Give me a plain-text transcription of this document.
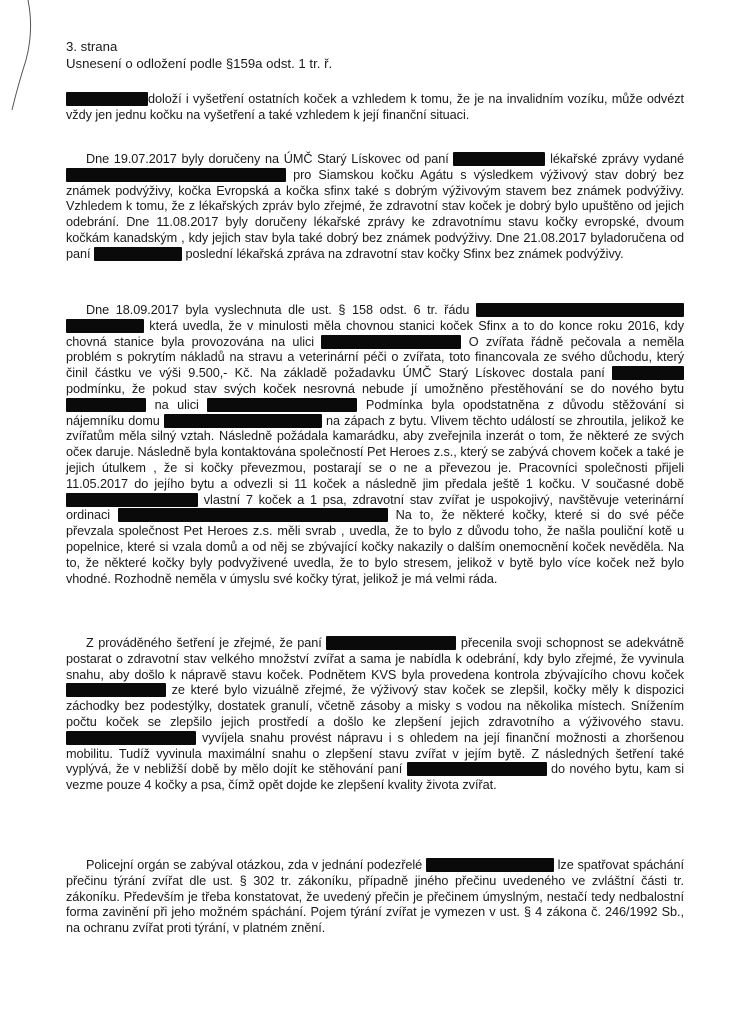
3. strana
Usnesení o odložení podle §159a odst. 1 tr. ř.
doloží i vyšetření ostatních koček a vzhledem k tomu, že je na invalidním vozíku, může odvézt vždy jen jednu kočku na vyšetření a také vzhledem k její finanční situaci.
Dne 19.07.2017 byly doručeny na ÚMČ Starý Lískovec od paní	lékařské zprávy vydané  pro Siamskou kočku Agátu s výsledkem výživový stav dobrý bez známek podvýživy, kočka Evropská a kočka sfinx také s dobrým výživovým stavem bez známek podvýživy. Vzhledem k tomu, že z lékařských zpráv bylo zřejmé, že zdravotní stav koček je dobrý bylo upuštěno od jejich odebrání. Dne 11.08.2017 byly doručeny lékařské zprávy ke zdravotnímu stavu kočky evropské, dvoum kočkám kanadským , kdy jejich stav byla také dobrý bez známek podvýživy. Dne 21.08.2017 byladoručena od paní	poslední lékařská zpráva na zdravotní stav kočky Sfinx bez známek podvýživy.
Dne 18.09.2017 byla vyslechnuta dle ust. § 158 odst. 6 tr. řádu  která uvedla, že v minulosti měla chovnou stanici koček Sfinx a to do konce roku 2016, kdy chovná stanice byla provozována na ulici	O zvířata řádně pečovala a neměla problém s pokrytím nákladů na stravu a veterinární péči o zvířata, toto financovala ze svého důchodu, který činil částku ve výši 9.500,- Kč. Na základě požadavku ÚMČ Starý Lískovec dostala paní  podmínku, že pokud stav svých koček nesrovná nebude jí umožněno přestěhování se do nového bytu  na ulici	Podmínka byla opodstatněna z důvodu stěžování si nájemníku domu	na zápach z bytu. Vlivem těchto událostí se zhroutila, jelikož ke zvířatům měla silný vztah. Následně požádala kamarádku, aby zveřejnila inzerát o tom, že některé ze svých očeк daruje. Následně byla kontaktována společností Pet Heroes z.s., který se zabývá chovem koček a také je jejich útulkem , že si kočky převezmou, postarají se o ne a převezou je. Pracovníci společnosti přijeli 11.05.2017 do jejího bytu a odvezli si 11 koček a následně jim předala ještě 1 kočku. V současné době  vlastní 7 koček a 1 psa, zdravotní stav zvířat je uspokojivý, navštěvuje veterinární ordinaci	Na to, že některé kočky, které si do své péče převzala společnost Pet Heroes z.s. měli svrab , uvedla, že to bylo z důvodu toho, že našla pouliční kotě u popelnice, které si vzala domů a od něj se zbývající kočky nakazily o dalším onemocnění koček nevěděla. Na to, že některé kočky byly podvyživené uvedla, že to bylo stresem, jelikož v bytě bylo více koček než bylo vhodné. Rozhodně neměla v úmyslu své kočky týrat, jelikož je má velmi ráda.
Z prováděného šetření je zřejmé, že paní	přecenila svoji schopnost se adekvátně postarat o zdravotní stav velkého množství zvířat a sama je nabídla k odebrání, kdy bylo zřejmé, že vyvinula snahu, aby došlo k nápravě stavu koček. Podnětem KVS byla provedena kontrola zbývajícího chovu koček  ze které bylo vizuálně zřejmé, že výživový stav koček se zlepšil, kočky měly k dispozici záchodky bez podestýlky, dostatek granulí, včetně zásoby a misky s vodou na několika místech. Snížením počtu koček se zlepšilo jejich prostředí a došlo ke zlepšení jejich zdravotního a výživového stavu.  vyvíjela snahu provést nápravu i s ohledem na její finanční možnosti a zhoršenou mobilitu. Tudíž vyvinula maximální snahu o zlepšení stavu zvířat v jejím bytě. Z následných šetření také vyplývá, že v nebližší době by mělo dojít ke stěhování paní	do nového bytu, kam si vezme pouze 4 kočky a psa, čímž opět dojde ke zlepšení kvality života zvířat.
Policejní orgán se zabýval otázkou, zda v jednání podezřelé	lze spatřovat spáchání přečinu týrání zvířat dle ust. § 302 tr. zákoníku, případně jiného přečinu uvedeného ve zvláštní části tr. zákoníku. Především je třeba konstatovat, že uvedený přečin je přečinem úmyslným, nestačí tedy nedbalostní forma zavinění při jeho možném spáchání. Pojem týrání zvířat je vymezen v ust. § 4 zákona č. 246/1992 Sb., na ochranu zvířat proti týrání, v platném znění.
